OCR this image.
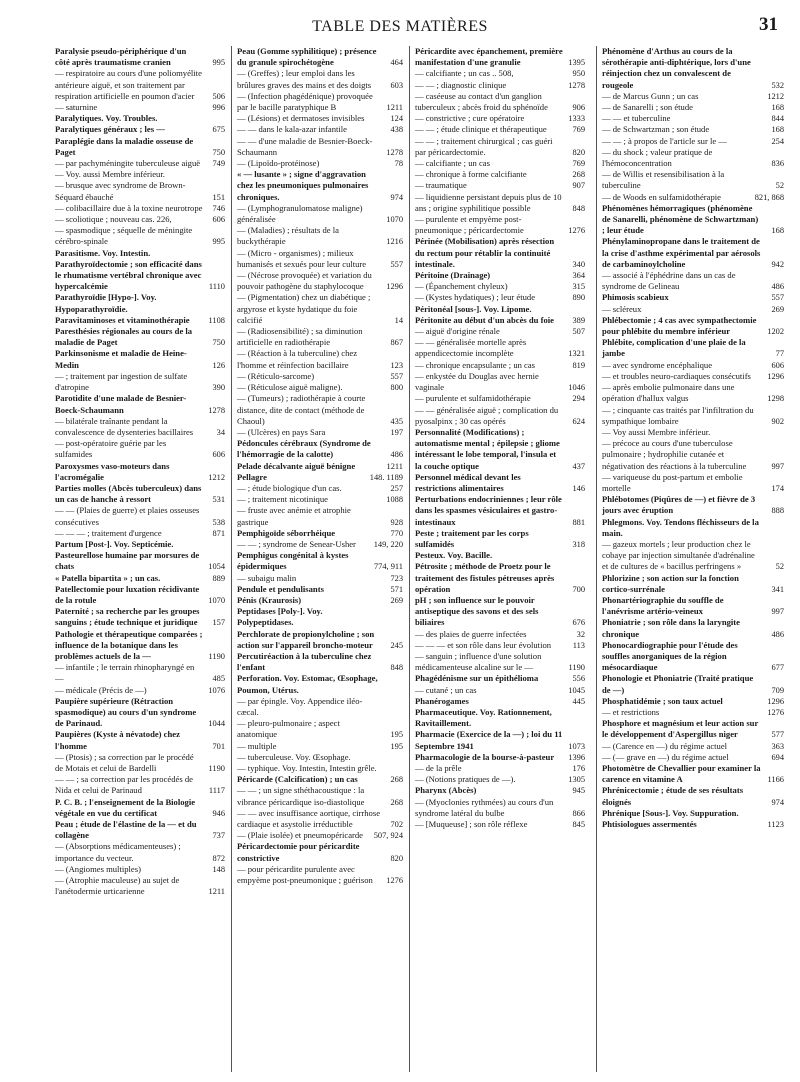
TABLE DES MATIÈRES	31
Paralysie pseudo-périphérique d'un côté après traumatisme cranien	995
— respiratoire au cours d'une poliomyélite antérieure aiguë, et son traitement par respiration artificielle en poumon d'acier	506
— saturnine	996
Paralytiques. Voy. Troubles.
Paralytiques généraux ; les —	675
Paraplégie dans la maladie osseuse de Paget	750
— par pachyméningite tuberculeuse aiguë	749
— Voy. aussi Membre inférieur.
— brusque avec syndrome de Brown-Séquard ébauché	151
— colibacillaire due à la toxine neurotrope	746
— scoliotique ; nouveau cas. 226,	606
— spasmodique ; séquelle de méningite cérébro-spinale	995
Parasitisme. Voy. Intestin.
Parathyroïdectomie ; son efficacité dans le rhumatisme vertébral chronique avec hypercalcémie	1110
Parathyroïdie [Hypo-]. Voy. Hypoparathyroïdie.
Paravitaminoses et vitaminothérapie	1108
Paresthésies régionales au cours de la maladie de Paget	750
Parkinsonisme et maladie de Heine-Medin	126
— ; traitement par ingestion de sulfate d'atropine	390
Parotidite d'une malade de Besnier-Boeck-Schaumann	1278
— bilatérale traînante pendant la convalescence de dysenteries bacillaires	34
— post-opératoire guérie par les sulfamides	606
Paroxysmes vaso-moteurs dans l'acromégalie	1212
Parties molles (Abcès tuberculeux) dans un cas de hanche à ressort	531
— — (Plaies de guerre) et plaies osseuses consécutives	538
— — — ; traitement d'urgence	871
Partum [Post-]. Voy. Septicémie.
Pasteurellose humaine par morsures de chats	1054
« Patella bipartita » ; un cas.	889
Patellectomie pour luxation récidivante de la rotule	1070
Paternité ; sa recherche par les groupes sanguins ; étude technique et juridique	157
Pathologie et thérapeutique comparées ; influence de la botanique dans les problèmes actuels de la —	1190
— infantile ; le terrain rhinopharyngé en —	485
— médicale (Précis de —)	1076
Paupière supérieure (Rétraction spasmodique) au cours d'un syndrome de Parinaud.	1044
Paupières (Kyste à névatode) chez l'homme	701
— (Ptosis) ; sa correction par le procédé de Motais et celui de Bardelli	1190
— — ; sa correction par les procédés de Nida et celui de Parinaud	1117
P. C. B. ; l'enseignement de la Biologie végétale en vue du certificat	946
Peau ; étude de l'élastine de la — et du collagène	737
— (Absorptions médicamenteuses) ; importance du vecteur.	872
— (Angiomes multiples)	148
— (Atrophie maculeuse) au sujet de l'anétodermie urticarienne	1211
Peau (Gomme syphilitique) ; présence du granule spirochétogène	464
— (Greffes) ; leur emploi dans les brûlures graves des mains et des doigts	603
— (Infection phagédénique) provoquée par le bacille paratyphique B	1211
— (Lésions) et dermatoses invisibles	124
— — dans le kala-azar infantile	438
— — d'une maladie de Besnier-Boeck-Schaumann	1278
— (Lipoïdo-protéinose)	78
« — lusante » ; signe d'aggravation chez les pneumoniques pulmonaires chroniques.	974
— (Lymphogranulomatose maligne) généralisée	1070
— (Maladies) ; résultats de la buckythérapie	1216
— (Micro - organismes) ; milieux humanisés et sexués pour leur culture	557
— (Nécrose provoquée) et variation du pouvoir pathogène du staphylocoque	1296
— (Pigmentation) chez un diabétique ; argyrose et kyste hydatique du foie calcifié	14
— (Radiosensibilité) ; sa diminution artificielle en radiothérapie	867
— (Réaction à la tuberculine) chez l'homme et réinfection bacillaire	123
— (Réticulo-sarcome)	557
— (Réticulose aiguë maligne).	800
— (Tumeurs) ; radiothérapie à courte distance, dite de contact (méthode de Chaoul)	435
— (Ulcères) en pays Sara	197
Pédoncules cérébraux (Syndrome de l'hémorragie de la calotte)	486
Pelade décalvante aiguë bénigne	1211
Pellagre	148. 1189
— ; étude biologique d'un cas.	257
— ; traitement nicotinique	1088
— fruste avec anémie et atrophie gastrique	928
Pemphigoïde séborrhéique	770
— — ; syndrome de Senear-Usher	149, 220
Pemphigus congénital à kystes épidermiques	774, 911
— subaigu malin	723
Pendule et pendulisants	571
Pénis (Kraurosis)	269
Peptidases [Poly-]. Voy. Polypeptidases.
Perchlorate de propionylcholine ; son action sur l'appareil broncho-moteur	245
Percutiréaction à la tuberculine chez l'enfant	848
Perforation. Voy. Estomac, Œsophage, Poumon, Utérus.
— par épingle. Voy. Appendice iléo-cæcal.
— pleuro-pulmonaire ; aspect anatomique	195
— multiple	195
— tuberculeuse. Voy. Œsophage.
— typhique. Voy. Intestin, Intestin grêle.
Péricarde (Calcification) ; un cas	268
— — ; un signe sthéthacoustique : la vibrance péricardique iso-diastolique	268
— — avec insuffisance aortique, cirrhose cardiaque et asystolie irréductible	702
— (Plaie isolée) et pneumopéricarde	507, 924
Péricardectomie pour péricardite constrictive	820
— pour péricardite purulente avec empyème post-pneumonique ; guérison	1276
Péricardite avec épanchement, première manifestation d'une granulie	1395
— calcifiante ; un cas .. 508,	950
— — ; diagnostic clinique	1278
— caséeuse au contact d'un ganglion tuberculeux ; abcès froid du sphénoïde	906
— constrictive ; cure opératoire	1333
— — ; étude clinique et thérapeutique	769
— — ; traitement chirurgical ; cas guéri par péricardectomie.	820
— calcifiante ; un cas	769
— chronique à forme calcifiante	268
— traumatique	907
— liquidienne persistant depuis plus de 10 ans ; origine syphilitique possible	848
— purulente et empyème post-pneumonique ; péricardectomie	1276
Périnée (Mobilisation) après résection du rectum pour rétablir la continuité intestinale.	340
Péritoine (Drainage)	364
— (Épanchement chyleux)	315
— (Kystes hydatiques) ; leur étude	890
Péritonéal [sous-]. Voy. Lipome.
Péritonite au début d'un abcès du foie	389
— aiguë d'origine rénale	507
— — généralisée mortelle après appendicectomie incomplète	1321
— chronique encapsulante ; un cas	819
— enkystée du Douglas avec hernie vaginale	1046
— purulente et sulfamidothérapie	294
— — généralisée aiguë ; complication du pyosalpinx ; 30 cas opérés	624
Personnalité (Modifications) ; automatisme mental ; épilepsie ; gliome intéressant le lobe temporal, l'insula et la couche optique	437
Personnel médical devant les restrictions alimentaires	146
Perturbations endocriniennes ; leur rôle dans les spasmes vésiculaires et gastro-intestinaux	881
Peste ; traitement par les corps sulfamidés	318
Pesteux. Voy. Bacille.
Pétrosite ; méthode de Proetz pour le traitement des fistules pétreuses après opération	700
pH ; son influence sur le pouvoir antiseptique des savons et des sels biliaires	676
— des plaies de guerre infectées	32
— — — et son rôle dans leur évolution	113
— sanguin ; influence d'une solution médicamenteuse alcaline sur le —	1190
Phagédénisme sur un épithélioma	556
— cutané ; un cas	1045
Phanérogames	445
Pharmaceutique. Voy. Rationnement, Ravitaillement.
Pharmacie (Exercice de la —) ; loi du 11 Septembre 1941	1073
Pharmacologie de la bourse-à-pasteur	1396
— de la prêle	176
— (Notions pratiques de —).	1305
Pharynx (Abcès)	945
— (Myoclonies rythmées) au cours d'un syndrome latéral du bulbe	866
— [Muqueuse] ; son rôle réflexe	845
Phénomène d'Arthus au cours de la sérothérapie anti-diphtérique, lors d'une réinjection chez un convalescent de rougeole	532
— de Marcus Gunn ; un cas	1212
— de Sanarelli ; son étude	168
— — et tuberculine	844
— de Schwartzman ; son étude	168
— — ; à propos de l'article sur le —	254
— du shock ; valeur pratique de l'hémoconcentration	836
— de Willis et resensibilisation à la tuberculine	52
— de Woods en sulfamidothérapie	821, 868
Phénomènes hémorragiques (phénomène de Sanarelli, phénomène de Schwartzman) ; leur étude	168
Phénylaminopropane dans le traitement de la crise d'asthme expérimental par aérosols de carbaminoylcholine	942
— associé à l'éphédrine dans un cas de syndrome de Gelineau	486
Phimosis scabieux	557
— scléreux	269
Phlébectomie ; 4 cas avec sympathectomie pour phlébite du membre inférieur	1202
Phlébite, complication d'une plaie de la jambe	77
— avec syndrome encéphalique	606
— et troubles neuro-cardiaques consécutifs	1296
— après embolie pulmonaire dans une opération d'hallux valgus	1298
— ; cinquante cas traités par l'infiltration du sympathique lombaire	902
— Voy aussi Membre inférieur.
— précoce au cours d'une tuberculose pulmonaire ; hydrophilie cutanée et négativation des réactions à la tuberculine	997
— variqueuse du post-partum et embolie mortelle	174
Phlébotomes (Piqûres de —) et fièvre de 3 jours avec éruption	888
Phlegmons. Voy. Tendons fléchisseurs de la main.
— gazeux mortels ; leur production chez le cobaye par injection simultanée d'adrénaline et de cultures de « bacillus perfringens »	52
Phlorizine ; son action sur la fonction cortico-surrénale	341
Phonartériographie du souffle de l'anévrisme artério-veineux	997
Phoniatrie ; son rôle dans la laryngite chronique	486
Phonocardiographie pour l'étude des souffles anorganiques de la région mésocardiaque	677
Phonologie et Phoniatrie (Traité pratique de —)	709
Phosphatidémie ; son taux actuel	1296
— et restrictions	1276
Phosphore et magnésium et leur action sur le développement d'Aspergillus niger	577
— (Carence en —) du régime actuel	363
— (— grave en —) du régime actuel	694
Photomètre de Chevallier pour examiner la carence en vitamine A	1166
Phrénicectomie ; étude de ses résultats éloignés	974
Phrénique [Sous-]. Voy. Suppuration.
Phtisiologues assermentés	1123
